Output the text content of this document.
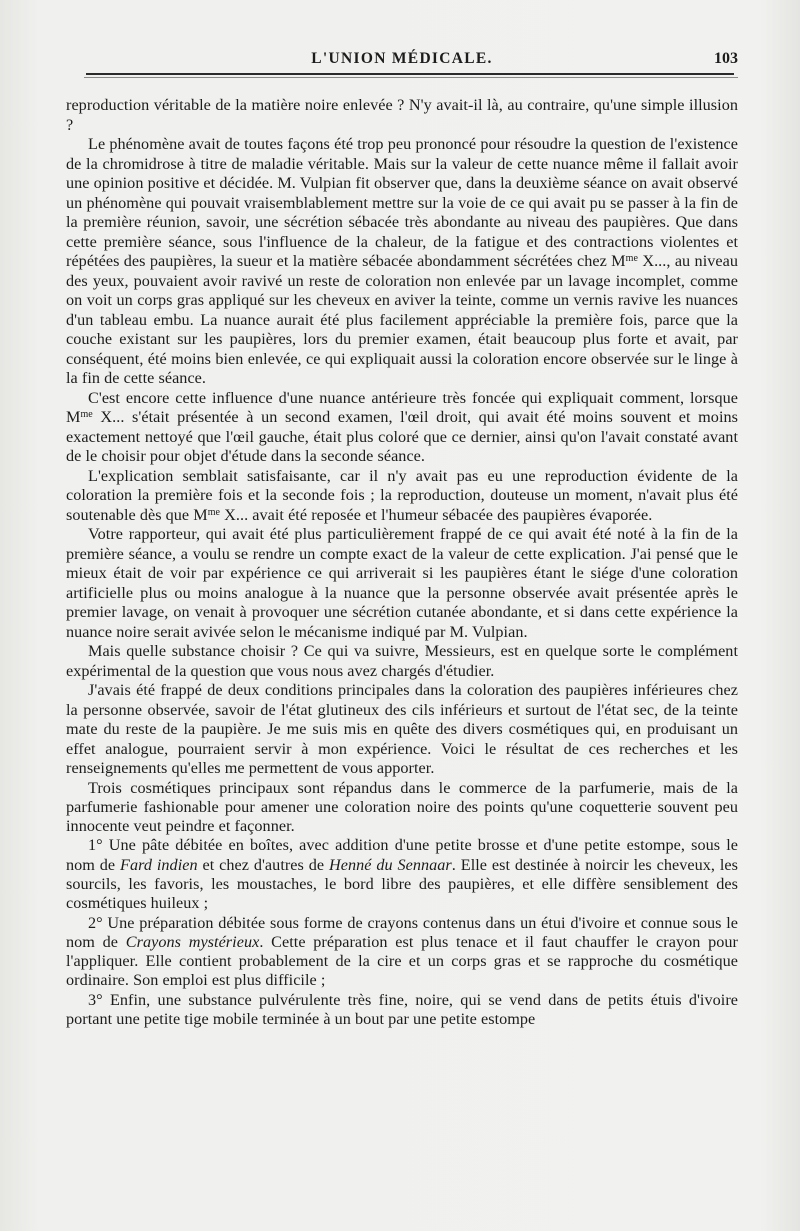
L'UNION MÉDICALE.	103

reproduction véritable de la matière noire enlevée ? N'y avait-il là, au contraire, qu'une simple illusion ?

Le phénomène avait de toutes façons été trop peu prononcé pour résoudre la question de l'existence de la chromidrose à titre de maladie véritable. Mais sur la valeur de cette nuance même il fallait avoir une opinion positive et décidée. M. Vulpian fit observer que, dans la deuxième séance on avait observé un phénomène qui pouvait vraisemblablement mettre sur la voie de ce qui avait pu se passer à la fin de la première réunion, savoir, une sécrétion sébacée très abondante au niveau des paupières. Que dans cette première séance, sous l'influence de la chaleur, de la fatigue et des contractions violentes et répétées des paupières, la sueur et la matière sébacée abondamment sécrétées chez $M^{me}$ X..., au niveau des yeux, pouvaient avoir ravivé un reste de coloration non enlevée par un lavage incomplet, comme on voit un corps gras appliqué sur les cheveux en aviver la teinte, comme un vernis ravive les nuances d'un tableau embu. La nuance aurait été plus facilement appréciable la première fois, parce que la couche existant sur les paupières, lors du premier examen, était beaucoup plus forte et avait, par conséquent, été moins bien enlevée, ce qui expliquait aussi la coloration encore observée sur le linge à la fin de cette séance.

C'est encore cette influence d'une nuance antérieure très foncée qui expliquait comment, lorsque $M^{me}$ X... s'était présentée à un second examen, l'œil droit, qui avait été moins souvent et moins exactement nettoyé que l'œil gauche, était plus coloré que ce dernier, ainsi qu'on l'avait constaté avant de le choisir pour objet d'étude dans la seconde séance.

L'explication semblait satisfaisante, car il n'y avait pas eu une reproduction évidente de la coloration la première fois et la seconde fois ; la reproduction, douteuse un moment, n'avait plus été soutenable dès que $M^{me}$ X... avait été reposée et l'humeur sébacée des paupières évaporée.

Votre rapporteur, qui avait été plus particulièrement frappé de ce qui avait été noté à la fin de la première séance, a voulu se rendre un compte exact de la valeur de cette explication. J'ai pensé que le mieux était de voir par expérience ce qui arriverait si les paupières étant le siége d'une coloration artificielle plus ou moins analogue à la nuance que la personne observée avait présentée après le premier lavage, on venait à provoquer une sécrétion cutanée abondante, et si dans cette expérience la nuance noire serait avivée selon le mécanisme indiqué par M. Vulpian.

Mais quelle substance choisir ? Ce qui va suivre, Messieurs, est en quelque sorte le complément expérimental de la question que vous nous avez chargés d'étudier.

J'avais été frappé de deux conditions principales dans la coloration des paupières inférieures chez la personne observée, savoir de l'état glutineux des cils inférieurs et surtout de l'état sec, de la teinte mate du reste de la paupière. Je me suis mis en quête des divers cosmétiques qui, en produisant un effet analogue, pourraient servir à mon expérience. Voici le résultat de ces recherches et les renseignements qu'elles me permettent de vous apporter.

Trois cosmétiques principaux sont répandus dans le commerce de la parfumerie, mais de la parfumerie fashionable pour amener une coloration noire des points qu'une coquetterie souvent peu innocente veut peindre et façonner.

1° Une pâte débitée en boîtes, avec addition d'une petite brosse et d'une petite estompe, sous le nom de Fard indien et chez d'autres de Henné du Sennaar. Elle est destinée à noircir les cheveux, les sourcils, les favoris, les moustaches, le bord libre des paupières, et elle diffère sensiblement des cosmétiques huileux ;

2° Une préparation débitée sous forme de crayons contenus dans un étui d'ivoire et connue sous le nom de Crayons mystérieux. Cette préparation est plus tenace et il faut chauffer le crayon pour l'appliquer. Elle contient probablement de la cire et un corps gras et se rapproche du cosmétique ordinaire. Son emploi est plus difficile ;

3° Enfin, une substance pulvérulente très fine, noire, qui se vend dans de petits étuis d'ivoire portant une petite tige mobile terminée à un bout par une petite estompe
